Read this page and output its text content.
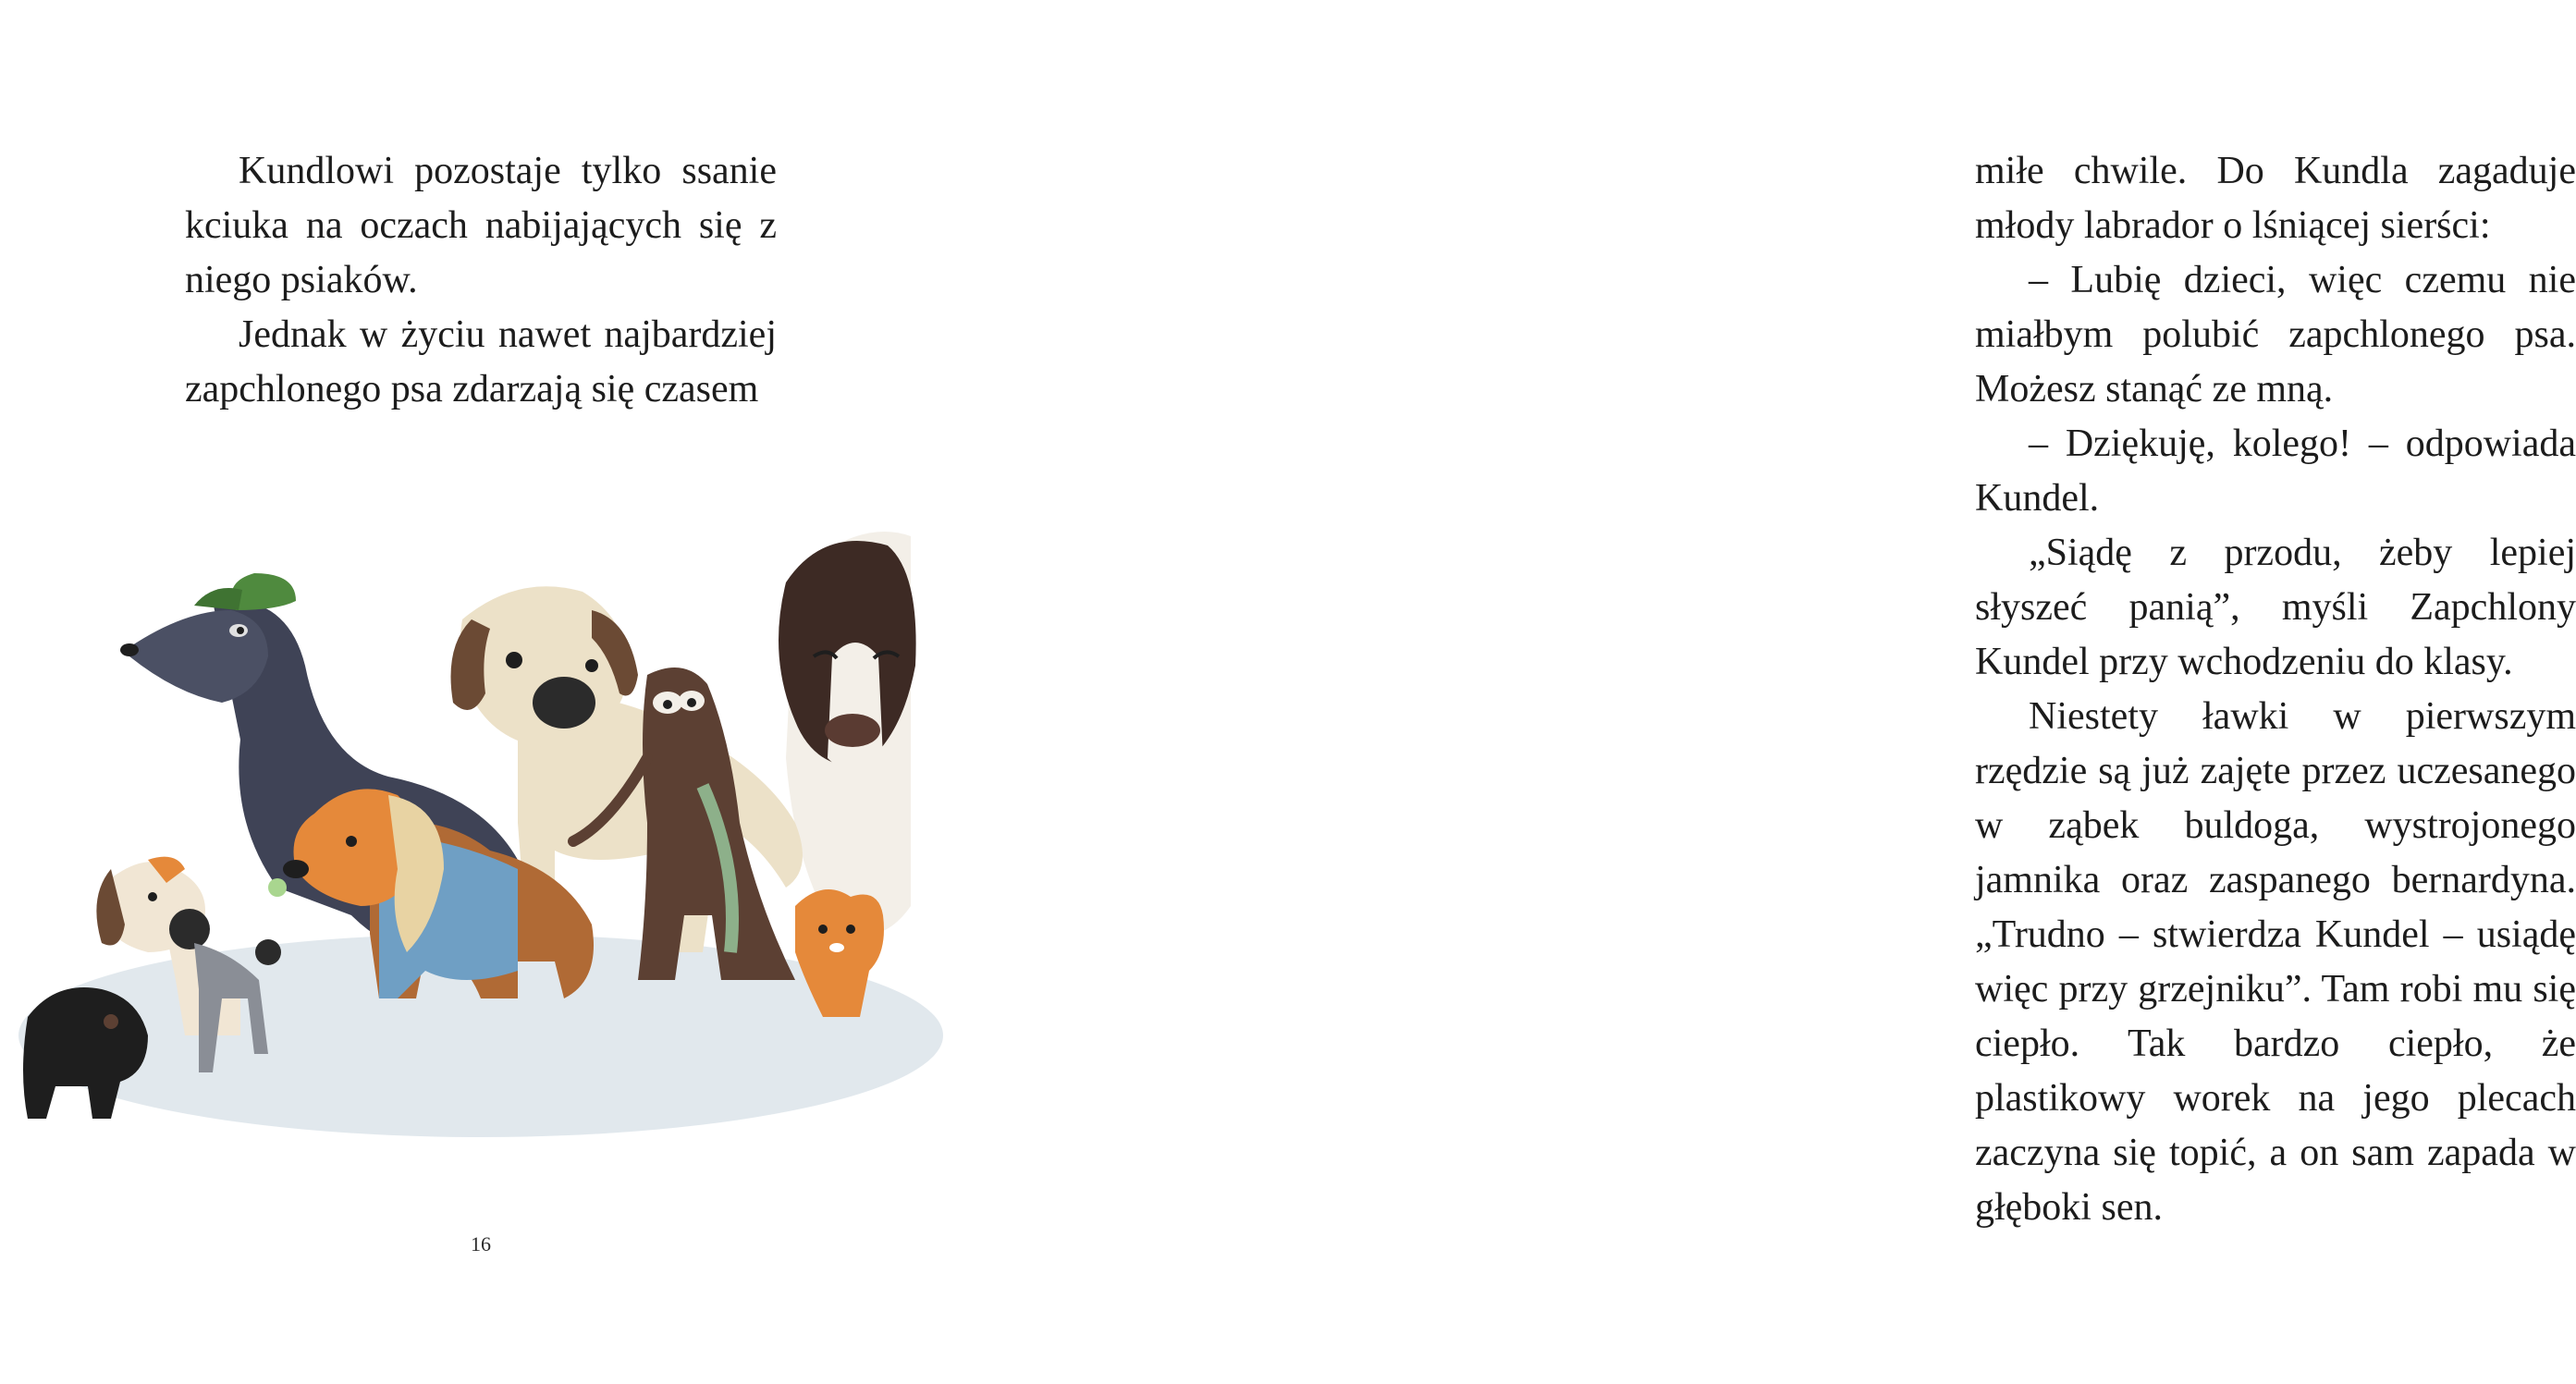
Kundlowi pozostaje tylko ssanie kciuka na oczach nabijających się z niego psiaków.

Jednak w życiu nawet najbardziej zapchlonego psa zdarzają się czasem

16

miłe chwile. Do Kundla zagaduje młody labrador o lśniącej sierści:

– Lubię dzieci, więc czemu nie miałbym polubić zapchlonego psa. Możesz stanąć ze mną.

– Dziękuję, kolego! – odpowiada Kundel.

„Siądę z przodu, żeby lepiej słyszeć panią”, myśli Zapchlony Kundel przy wchodzeniu do klasy.

Niestety ławki w pierwszym rzędzie są już zajęte przez uczesanego w ząbek buldoga, wystrojonego jamnika oraz zaspanego bernardyna. „Trudno – stwierdza Kundel – usiądę więc przy grzejniku”. Tam robi mu się ciepło. Tak bardzo ciepło, że plastikowy worek na jego plecach zaczyna się topić, a on sam zapada w głęboki sen.
